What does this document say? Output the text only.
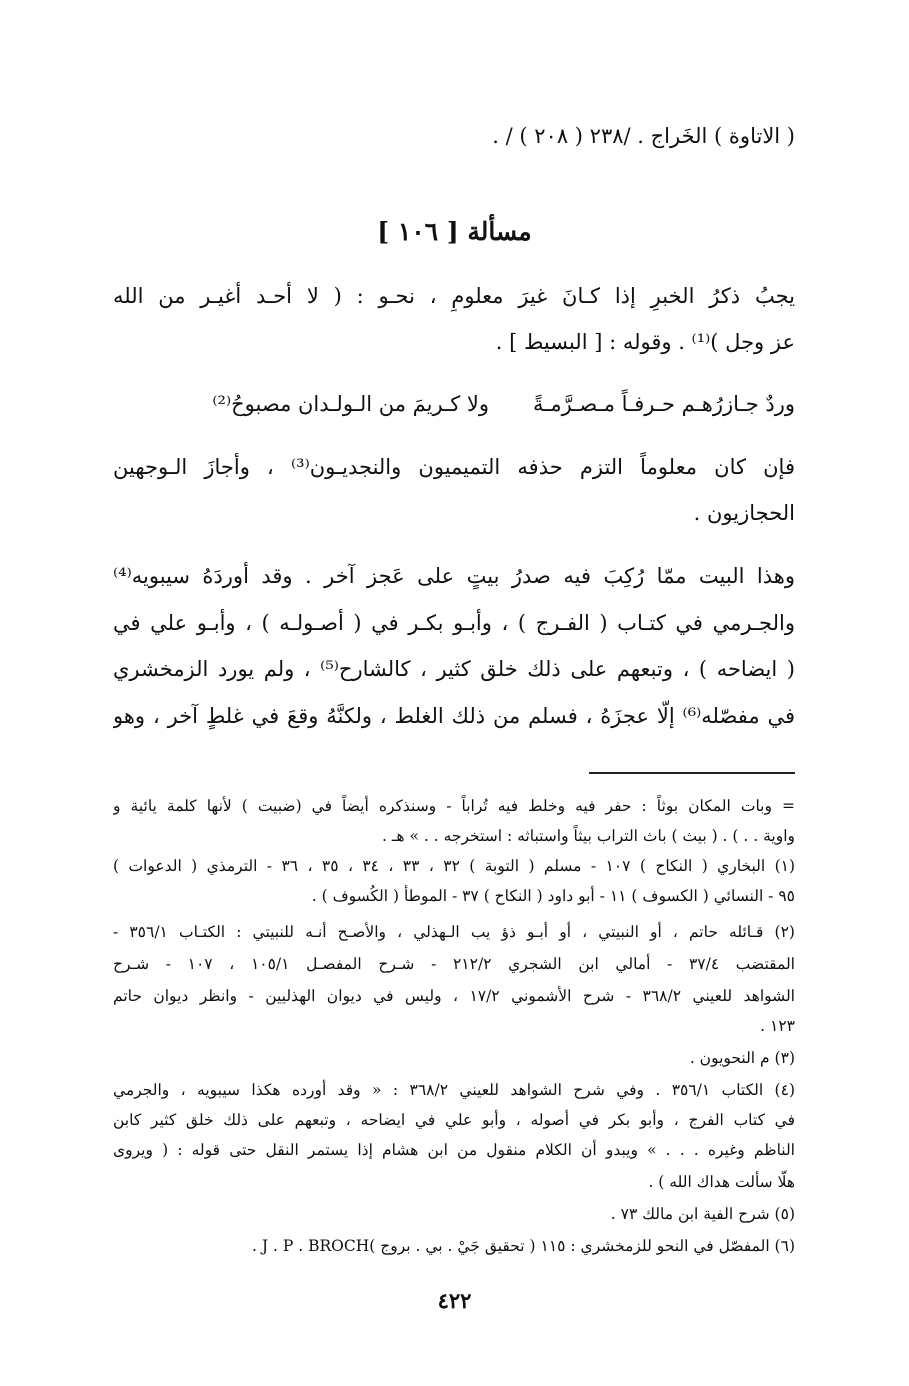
( الاتاوة ) الخَراج . /٢٣٨ ( ٢٠٨ ) / .
مسألة [ ١٠٦ ]
يجبُ ذكرُ الخبرِ إذا كـانَ غيرَ معلومٍ ، نحـو : ( لا أحـد أغيـر من الله
عز وجل )⁽¹⁾ . وقوله : [ البسيط ] .
وردٌ جـازرُهـم حـرفـاً مـصـرَّمـةً
ولا كـريمَ من الـولـدان مصبوحُ⁽²⁾
فإن كان معلوماً التزم حذفه التميميون والنجديـون⁽³⁾ ، وأجازَ الـوجهين
الحجازيون .
وهذا البيت ممّا رُكِبَ فيه صدرُ بيتٍ على عَجز آخر . وقد أوردَهُ سيبويه⁽⁴⁾
والجـرمي في كتـاب ( الفـرج ) ، وأبـو بكـر في ( أصـولـه ) ، وأبـو علي في
( ايضاحه ) ، وتبعهم على ذلك خلق كثير ، كالشارح⁽⁵⁾ ، ولم يورد الزمخشري
في مفصّله⁽⁶⁾ إلّا عجزَهُ ، فسلم من ذلك الغلط ، ولكنَّهُ وقعَ في غلطٍ آخر ، وهو
= وبات المكان بوثاً : حفر فيه وخلط فيه تُراباً - وسنذكره أيضاً في (ضبيت ) لأنها كلمة يائية و
واوية . . ) . ( بيث ) باث التراب بيثاً واستباثه : استخرجه . . » هـ .
(١) البخاري ( النكاح ) ١٠٧ - مسلم ( التوبة ) ٣٢ ، ٣٣ ، ٣٤ ، ٣٥ ، ٣٦ - الترمذي ( الدعوات )
٩٥ - النسائي ( الكسوف ) ١١ - أبو داود ( النكاح ) ٣٧ - الموطأ ( الكُسوف ) .
(٢) قـائله حاتم ، أو النبيتي ، أو أبـو ذؤ يب الـهذلي ، والأصـح أنـه للنبيتي : الكتـاب ٣٥٦/١ -
المقتضب ٣٧/٤ - أمالي ابن الشجري ٢١٢/٢ - شـرح المفصـل ١٠٥/١ ، ١٠٧ - شـرح
الشواهد للعيني ٣٦٨/٢ - شرح الأشموني ١٧/٢ ، وليس في ديوان الهذليين - وانظر ديوان حاتم
١٢٣ .
(٣) م النحويون .
(٤) الكتاب ٣٥٦/١ . وفي شرح الشواهد للعيني ٣٦٨/٢ : « وقد أورده هكذا سيبويه ، والجرمي
في كتاب الفرج ، وأبو بكر في أصوله ، وأبو علي في ايضاحه ، وتبعهم على ذلك خلق كثير كابن
الناظم وغيره . . . » ويبدو أن الكلام منقول من ابن هشام إذا يستمر النقل حتى قوله : ( ويروى
هلّا سألت هداك الله ) .
(٥) شرح الفية ابن مالك ٧٣ .
(٦) المفصّل في النحو للزمخشري : ١١٥ ( تحقيق جَيْ . بي . بروج )J . P . BROCH .
٤٢٢
